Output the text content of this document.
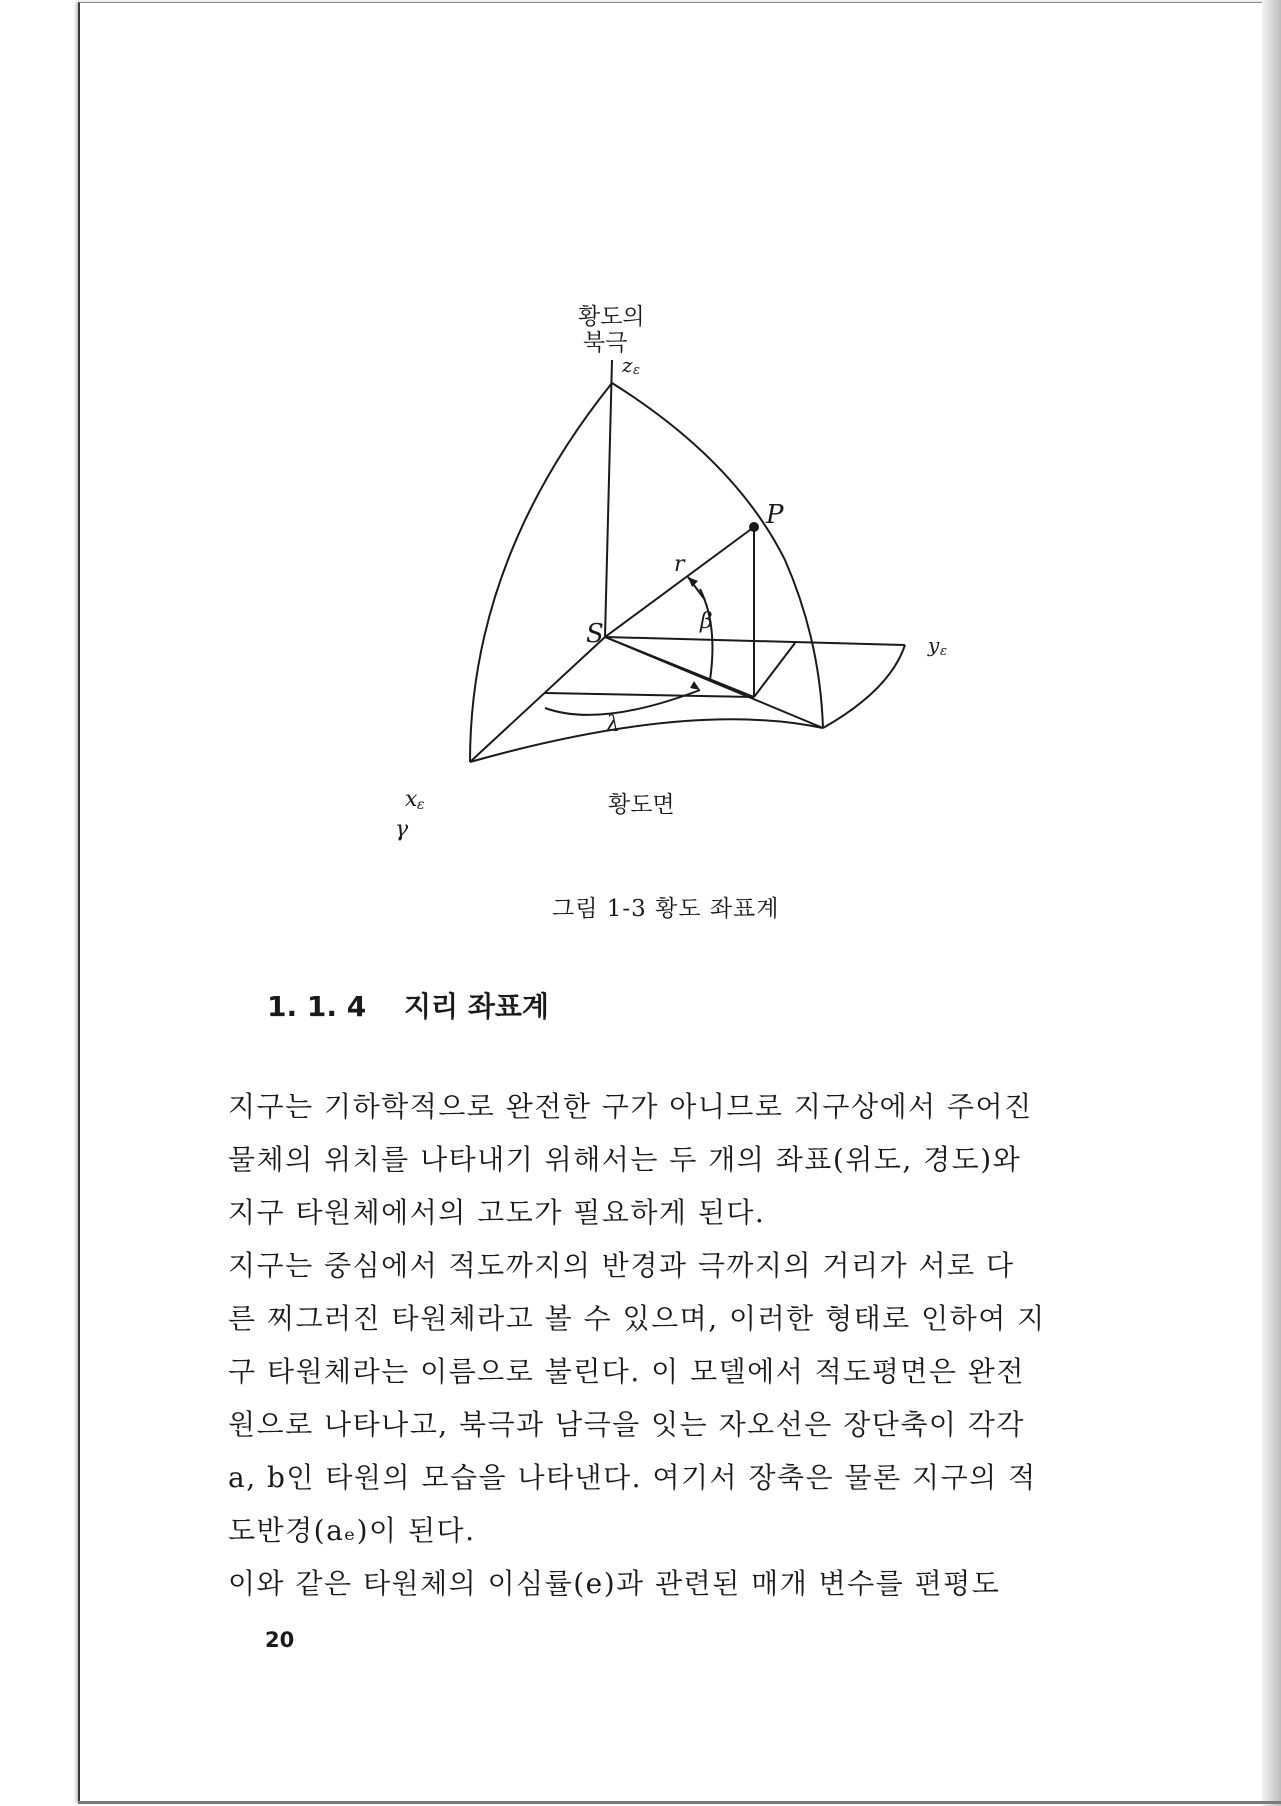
황도의
북극
z ε
y ε
x ε
γ
P
S
r
β
λ
황도면
그림 1-3 황도 좌표계
1. 1. 4 지리 좌표계
지구는 기하학적으로 완전한 구가 아니므로 지구상에서 주어진
물체의 위치를 나타내기 위해서는 두 개의 좌표(위도, 경도)와
지구 타원체에서의 고도가 필요하게 된다.
지구는 중심에서 적도까지의 반경과 극까지의 거리가 서로 다
른 찌그러진 타원체라고 볼 수 있으며, 이러한 형태로 인하여 지
구 타원체라는 이름으로 불린다. 이 모델에서 적도평면은 완전
원으로 나타나고, 북극과 남극을 잇는 자오선은 장단축이 각각
a, b인 타원의 모습을 나타낸다. 여기서 장축은 물론 지구의 적
도반경(aₑ)이 된다.
이와 같은 타원체의 이심률(e)과 관련된 매개 변수를 편평도
20
